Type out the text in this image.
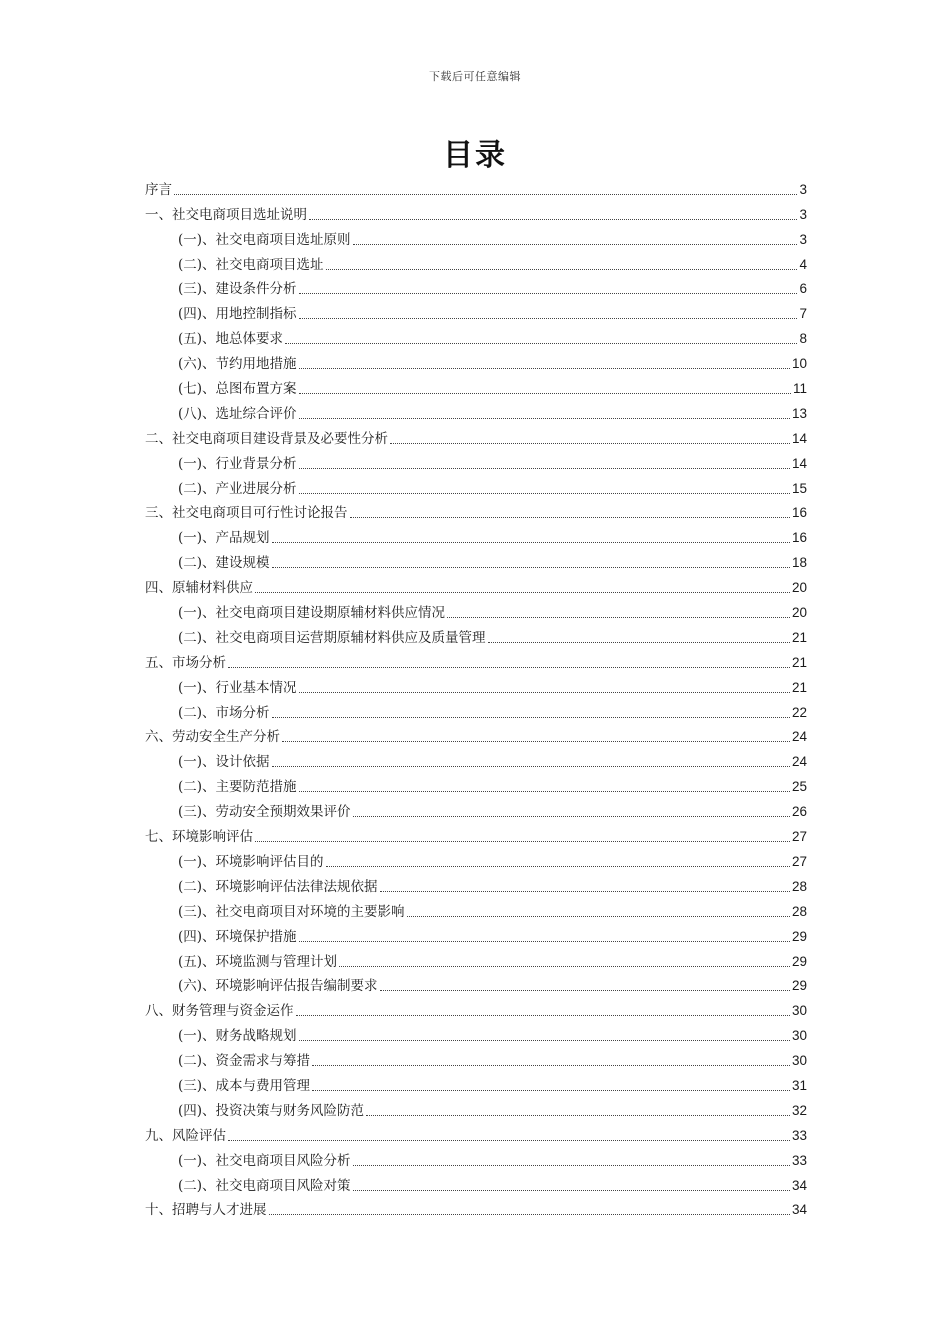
下载后可任意编辑
目录
序言	3
一、社交电商项目选址说明	3
(一)、社交电商项目选址原则	3
(二)、社交电商项目选址	4
(三)、建设条件分析	6
(四)、用地控制指标	7
(五)、地总体要求	8
(六)、节约用地措施	10
(七)、总图布置方案	11
(八)、选址综合评价	13
二、社交电商项目建设背景及必要性分析	14
(一)、行业背景分析	14
(二)、产业进展分析	15
三、社交电商项目可行性讨论报告	16
(一)、产品规划	16
(二)、建设规模	18
四、原辅材料供应	20
(一)、社交电商项目建设期原辅材料供应情况	20
(二)、社交电商项目运营期原辅材料供应及质量管理	21
五、市场分析	21
(一)、行业基本情况	21
(二)、市场分析	22
六、劳动安全生产分析	24
(一)、设计依据	24
(二)、主要防范措施	25
(三)、劳动安全预期效果评价	26
七、环境影响评估	27
(一)、环境影响评估目的	27
(二)、环境影响评估法律法规依据	28
(三)、社交电商项目对环境的主要影响	28
(四)、环境保护措施	29
(五)、环境监测与管理计划	29
(六)、环境影响评估报告编制要求	29
八、财务管理与资金运作	30
(一)、财务战略规划	30
(二)、资金需求与筹措	30
(三)、成本与费用管理	31
(四)、投资决策与财务风险防范	32
九、风险评估	33
(一)、社交电商项目风险分析	33
(二)、社交电商项目风险对策	34
十、招聘与人才进展	34
